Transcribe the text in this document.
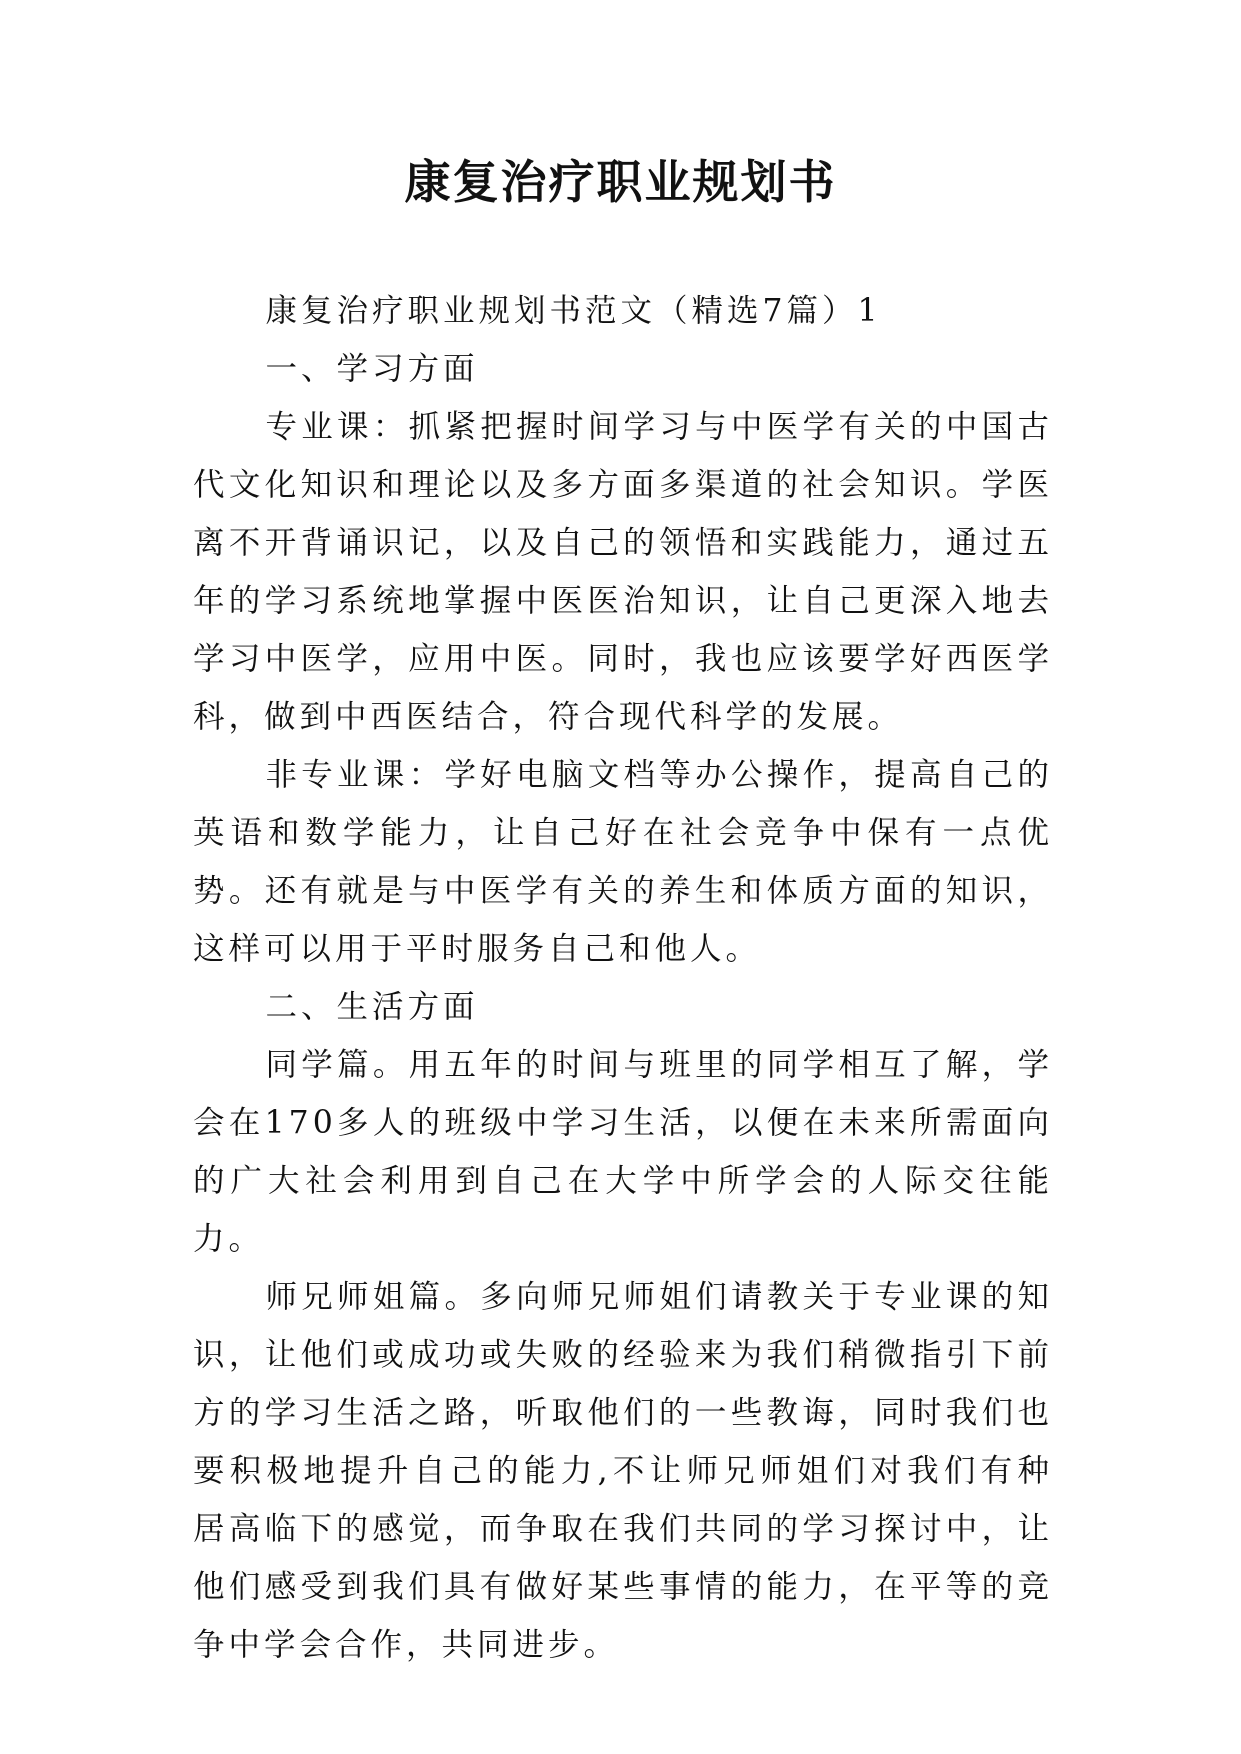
康复治疗职业规划书

康复治疗职业规划书范文（精选7篇）1

一、学习方面

专业课：抓紧把握时间学习与中医学有关的中国古代文化知识和理论以及多方面多渠道的社会知识。学医离不开背诵识记，以及自己的领悟和实践能力，通过五年的学习系统地掌握中医医治知识，让自己更深入地去学习中医学，应用中医。同时，我也应该要学好西医学科，做到中西医结合，符合现代科学的发展。

非专业课：学好电脑文档等办公操作，提高自己的英语和数学能力，让自己好在社会竞争中保有一点优势。还有就是与中医学有关的养生和体质方面的知识，这样可以用于平时服务自己和他人。

二、生活方面

同学篇。用五年的时间与班里的同学相互了解，学会在170多人的班级中学习生活，以便在未来所需面向的广大社会利用到自己在大学中所学会的人际交往能力。

师兄师姐篇。多向师兄师姐们请教关于专业课的知识，让他们或成功或失败的经验来为我们稍微指引下前方的学习生活之路，听取他们的一些教诲，同时我们也要积极地提升自己的能力,不让师兄师姐们对我们有种居高临下的感觉，而争取在我们共同的学习探讨中，让他们感受到我们具有做好某些事情的能力，在平等的竞争中学会合作，共同进步。
